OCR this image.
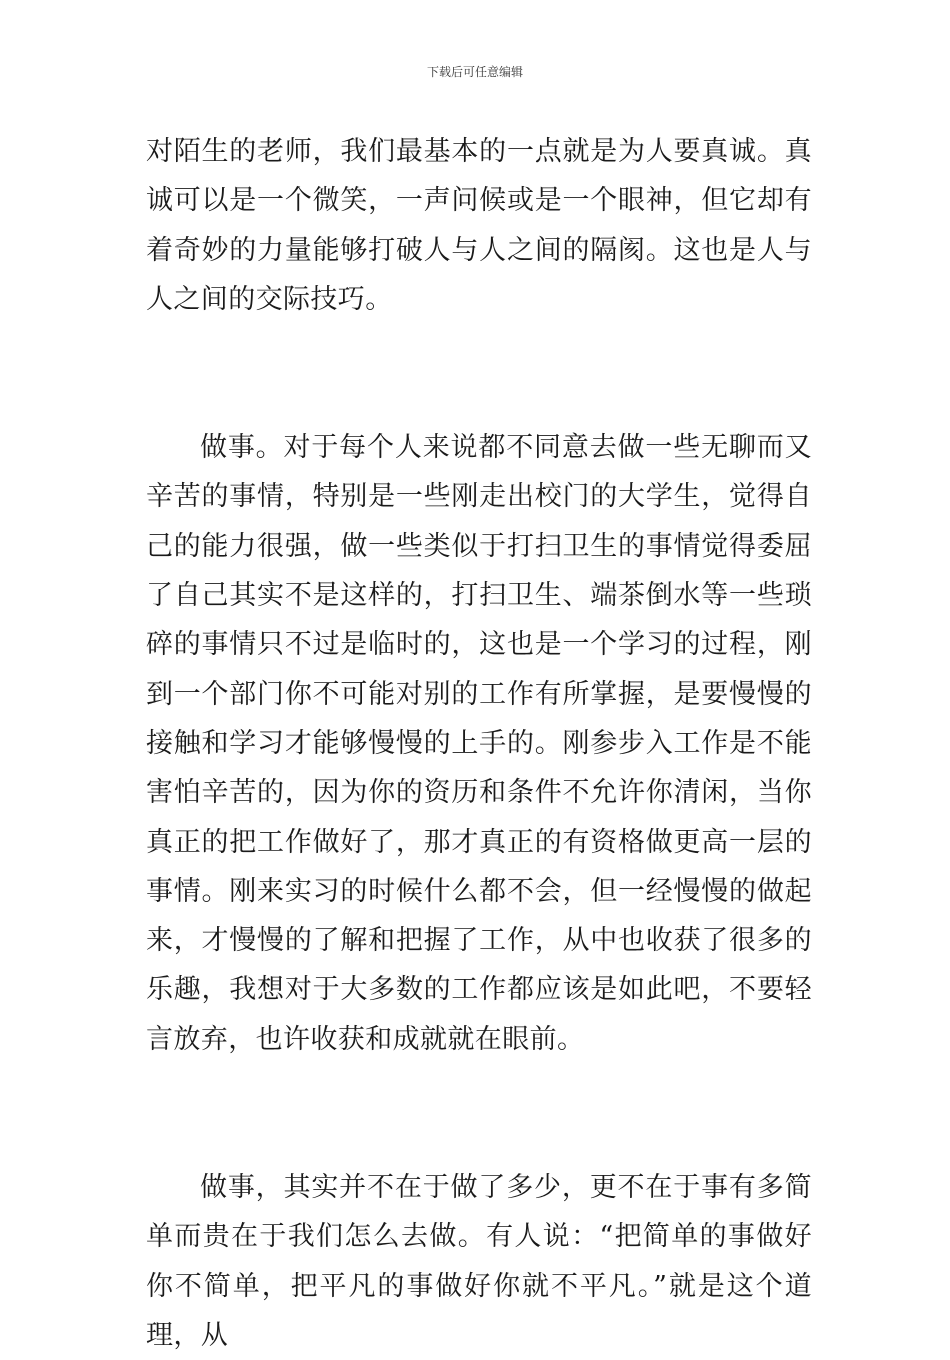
下载后可任意编辑

对陌生的老师，我们最基本的一点就是为人要真诚。真诚可以是一个微笑，一声问候或是一个眼神，但它却有着奇妙的力量能够打破人与人之间的隔阂。这也是人与人之间的交际技巧。

做事。对于每个人来说都不同意去做一些无聊而又辛苦的事情，特别是一些刚走出校门的大学生，觉得自己的能力很强，做一些类似于打扫卫生的事情觉得委屈了自己其实不是这样的，打扫卫生、端茶倒水等一些琐碎的事情只不过是临时的，这也是一个学习的过程，刚到一个部门你不可能对别的工作有所掌握，是要慢慢的接触和学习才能够慢慢的上手的。刚参步入工作是不能害怕辛苦的，因为你的资历和条件不允许你清闲，当你真正的把工作做好了，那才真正的有资格做更高一层的事情。刚来实习的时候什么都不会，但一经慢慢的做起来，才慢慢的了解和把握了工作，从中也收获了很多的乐趣，我想对于大多数的工作都应该是如此吧，不要轻言放弃，也许收获和成就就在眼前。

做事，其实并不在于做了多少，更不在于事有多简单而贵在于我们怎么去做。有人说：“把简单的事做好你不简单，把平凡的事做好你就不平凡。”就是这个道理，从
